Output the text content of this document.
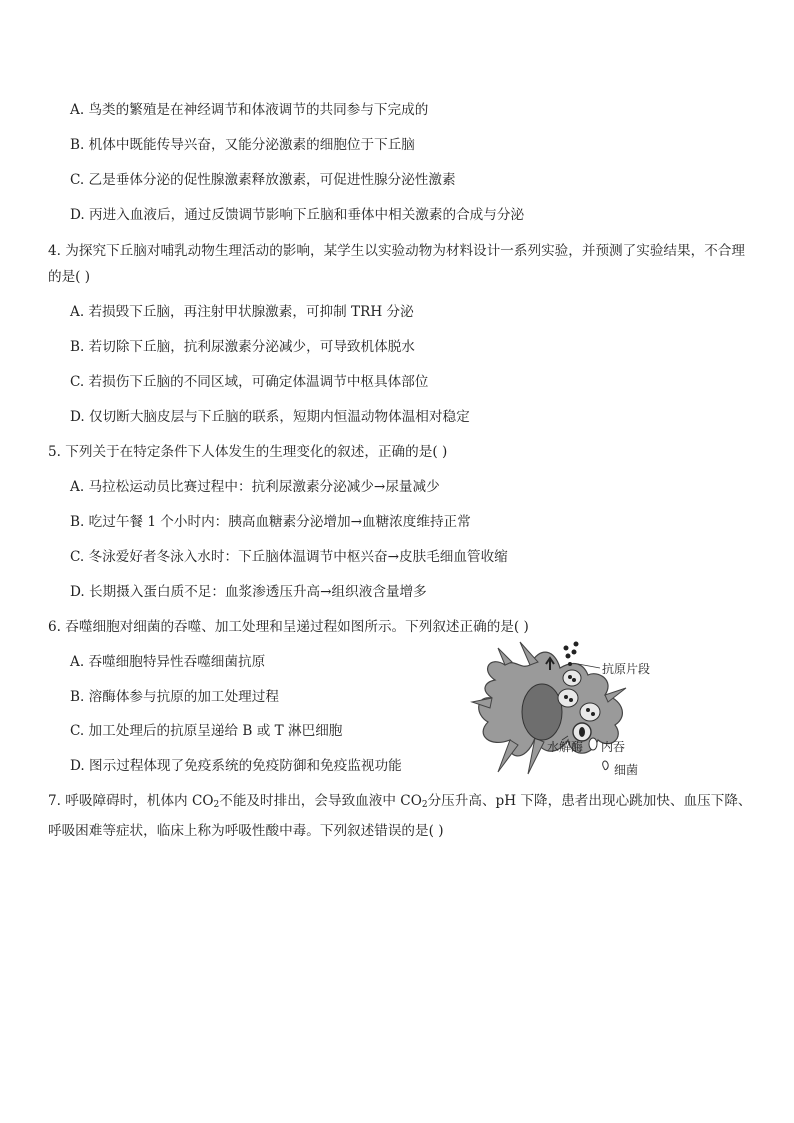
A. 鸟类的繁殖是在神经调节和体液调节的共同参与下完成的
B. 机体中既能传导兴奋，又能分泌激素的细胞位于下丘脑
C. 乙是垂体分泌的促性腺激素释放激素，可促进性腺分泌性激素
D. 丙进入血液后，通过反馈调节影响下丘脑和垂体中相关激素的合成与分泌
4. 为探究下丘脑对哺乳动物生理活动的影响，某学生以实验动物为材料设计一系列实验，并预测了实验结果，不合理的是( )
A. 若损毁下丘脑，再注射甲状腺激素，可抑制 TRH 分泌
B. 若切除下丘脑，抗利尿激素分泌减少，可导致机体脱水
C. 若损伤下丘脑的不同区域，可确定体温调节中枢具体部位
D. 仅切断大脑皮层与下丘脑的联系，短期内恒温动物体温相对稳定
5. 下列关于在特定条件下人体发生的生理变化的叙述，正确的是( )
A. 马拉松运动员比赛过程中：抗利尿激素分泌减少→尿量减少
B. 吃过午餐 1 个小时内：胰高血糖素分泌增加→血糖浓度维持正常
C. 冬泳爱好者冬泳入水时：下丘脑体温调节中枢兴奋→皮肤毛细血管收缩
D. 长期摄入蛋白质不足：血浆渗透压升高→组织液含量增多
6. 吞噬细胞对细菌的吞噬、加工处理和呈递过程如图所示。下列叙述正确的是( )
A. 吞噬细胞特异性吞噬细菌抗原
B. 溶酶体参与抗原的加工处理过程
C. 加工处理后的抗原呈递给 B 或 T 淋巴细胞
D. 图示过程体现了免疫系统的免疫防御和免疫监视功能
抗原片段
水解酶 内吞
细菌
7. 呼吸障碍时，机体内 $CO_2$不能及时排出，会导致血液中 $CO_2$分压升高、pH 下降，患者出现心跳加快、血压下降、呼吸困难等症状，临床上称为呼吸性酸中毒。下列叙述错误的是( )
